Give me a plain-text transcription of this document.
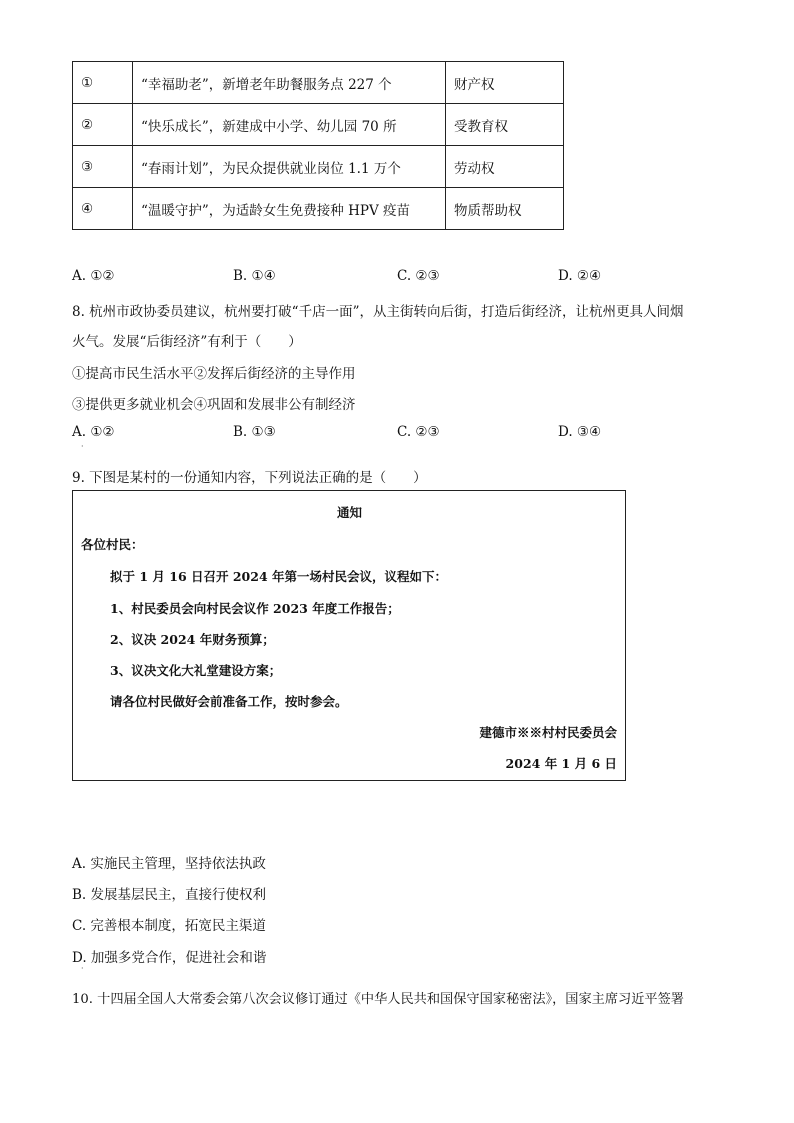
①	“幸福助老”，新增老年助餐服务点 227 个	财产权
②	“快乐成长”，新建成中小学、幼儿园 70 所	受教育权
③	“春雨计划”，为民众提供就业岗位 1.1 万个	劳动权
④	“温暖守护”，为适龄女生免费接种 HPV 疫苗	物质帮助权
A. ①②	B. ①④	C. ②③	D. ②④
8. 杭州市政协委员建议，杭州要打破“千店一面”，从主街转向后街，打造后街经济，让杭州更具人间烟
火气。发展“后街经济”有利于（　　）
①提高市民生活水平②发挥后街经济的主导作用
③提供更多就业机会④巩固和发展非公有制经济
A. ①②
·
B. ①③	C. ②③	D. ③④
9. 下图是某村的一份通知内容，下列说法正确的是（　　）
通知
各位村民：
拟于 1 月 16 日召开 2024 年第一场村民会议，议程如下：
1、村民委员会向村民会议作 2023 年度工作报告；
2、议决 2024 年财务预算；
3、议决文化大礼堂建设方案；
请各位村民做好会前准备工作，按时参会。
建德市※※村村民委员会
2024 年 1 月 6 日
A. 实施民主管理，坚持依法执政
B. 发展基层民主，直接行使权利
C. 完善根本制度，拓宽民主渠道
D. 加强多党合作，促进社会和谐
·
10. 十四届全国人大常委会第八次会议修订通过《中华人民共和国保守国家秘密法》，国家主席习近平签署
